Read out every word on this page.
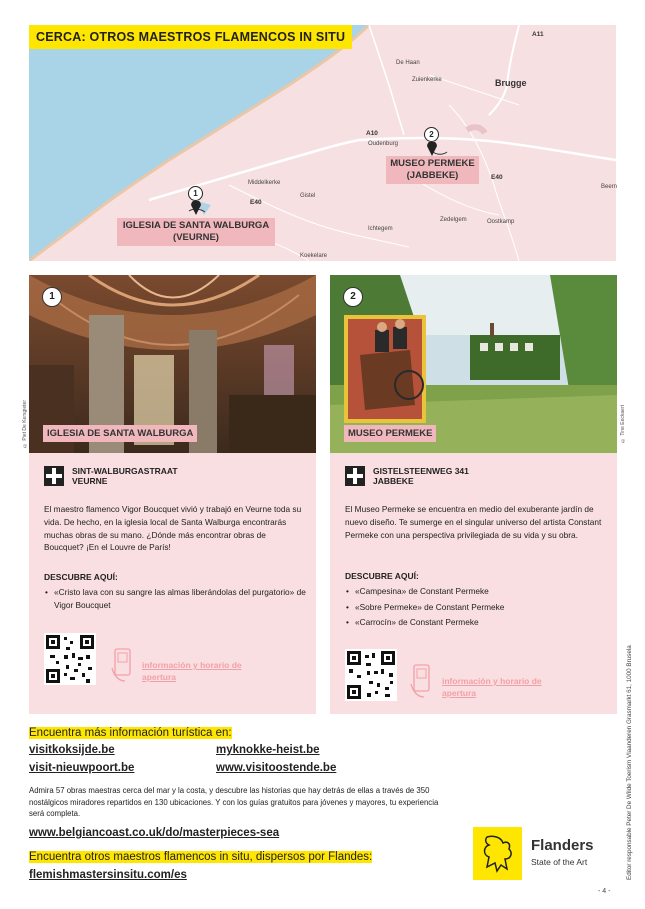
CERCA: OTROS MAESTROS FLAMENCOS IN SITU
De Haan
Zuienkerke	Brugge
Oudenburg
Middelkerke
Gistel
Ichtegem
Zedelgem	Oostkamp
Koekelare
Beern
A11
A10
E40
E40
1
2
IGLESIA DE SANTA WALBURGA
(VEURNE)
MUSEO PERMEKE
(JABBEKE)
1
IGLESIA DE SANTA WALBURGA
SINT-WALBURGASTRAAT
VEURNE
El maestro flamenco Vigor Boucquet vivió y trabajó en Veurne toda su vida. De hecho, en la iglesia local de Santa Walburga encontrarás muchas obras de su mano. ¿Dónde más encontrar obras de Boucquet? ¡En el Louvre de París!
DESCUBRE AQUÍ:
• «Cristo lava con su sangre las almas liberándolas del purgatorio» de Vigor Boucquet
información y horario de apertura
© Piet De Kersgieter
2
MUSEO PERMEKE
GISTELSTEENWEG 341
JABBEKE
El Museo Permeke se encuentra en medio del exuberante jardín de nuevo diseño. Te sumerge en el singular universo del artista Constant Permeke con una perspectiva privilegiada de su vida y su obra.
DESCUBRE AQUÍ:
• «Campesina» de Constant Permeke
• «Sobre Permeke» de Constant Permeke
• «Carrocín» de Constant Permeke
información y horario de apertura
© Tine Eeckaert
Encuentra más información turística en:
visitkoksijde.be	myknokke-heist.be
visit-nieuwpoort.be	www.visitoostende.be
Admira 57 obras maestras cerca del mar y la costa, y descubre las historias que hay detrás de ellas a través de 350 nostálgicos miradores repartidos en 130 ubicaciones. Y con los guías gratuitos para jóvenes y mayores, tu experiencia será completa.
www.belgiancoast.co.uk/do/masterpieces-sea
Encuentra otros maestros flamencos in situ, dispersos por Flandes:
flemishmastersinsitu.com/es
Flanders
State of the Art	Editor responsable Peter De Wilde Toerism Vlaanderen Grasmarkt 61, 1000 Brusela
- 4 -
